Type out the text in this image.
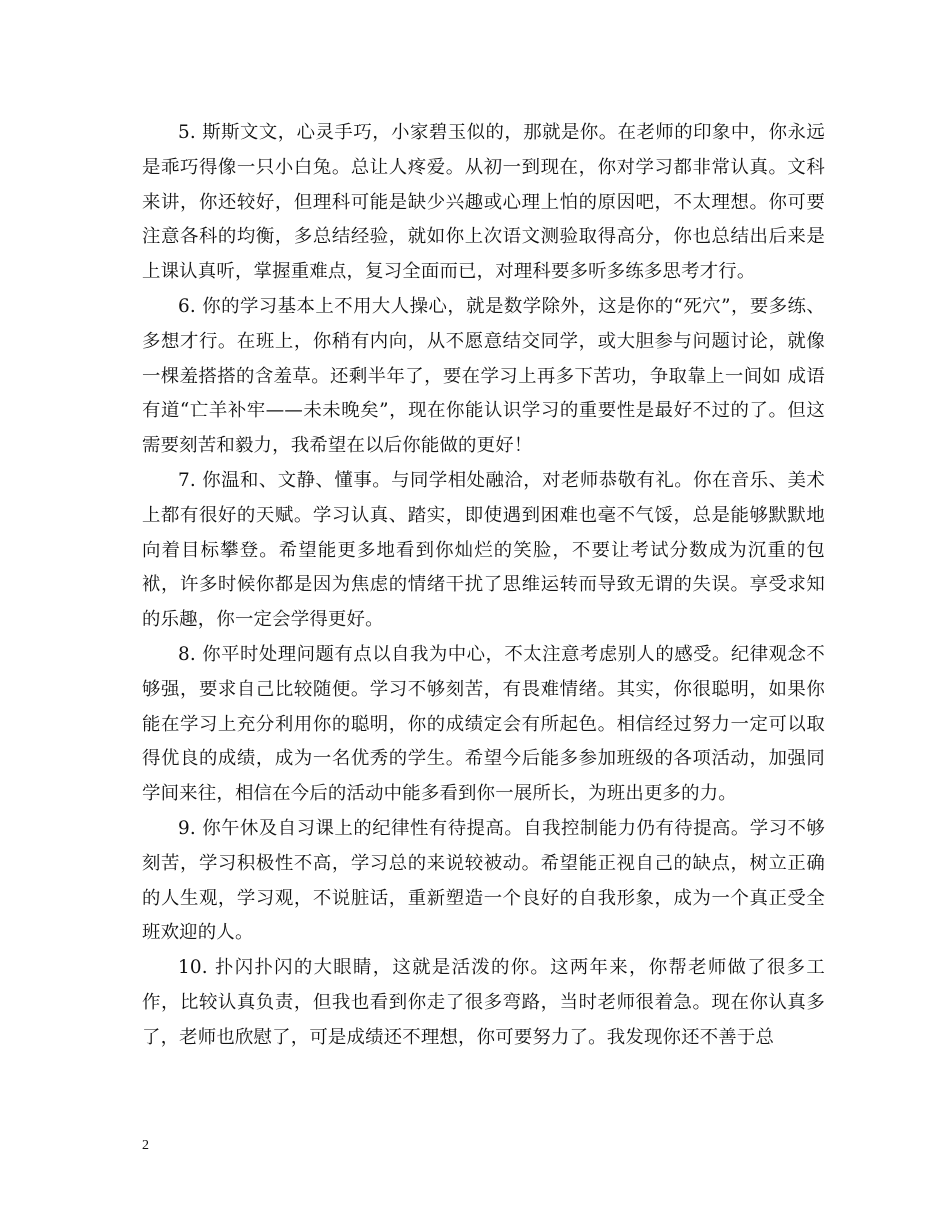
5. 斯斯文文，心灵手巧，小家碧玉似的，那就是你。在老师的印象中，你永远是乖巧得像一只小白兔。总让人疼爱。从初一到现在，你对学习都非常认真。文科来讲，你还较好，但理科可能是缺少兴趣或心理上怕的原因吧，不太理想。你可要注意各科的均衡，多总结经验，就如你上次语文测验取得高分，你也总结出后来是上课认真听，掌握重难点，复习全面而已，对理科要多听多练多思考才行。

6. 你的学习基本上不用大人操心，就是数学除外，这是你的“死穴”，要多练、多想才行。在班上，你稍有内向，从不愿意结交同学，或大胆参与问题讨论，就像一棵羞搭搭的含羞草。还剩半年了，要在学习上再多下苦功，争取靠上一间如 成语有道“亡羊补牢——未未晚矣”，现在你能认识学习的重要性是最好不过的了。但这需要刻苦和毅力，我希望在以后你能做的更好！

7. 你温和、文静、懂事。与同学相处融洽，对老师恭敬有礼。你在音乐、美术上都有很好的天赋。学习认真、踏实，即使遇到困难也毫不气馁，总是能够默默地向着目标攀登。希望能更多地看到你灿烂的笑脸，不要让考试分数成为沉重的包袱，许多时候你都是因为焦虑的情绪干扰了思维运转而导致无谓的失误。享受求知的乐趣，你一定会学得更好。

8. 你平时处理问题有点以自我为中心，不太注意考虑别人的感受。纪律观念不够强，要求自己比较随便。学习不够刻苦，有畏难情绪。其实，你很聪明，如果你能在学习上充分利用你的聪明，你的成绩定会有所起色。相信经过努力一定可以取得优良的成绩，成为一名优秀的学生。希望今后能多参加班级的各项活动，加强同学间来往，相信在今后的活动中能多看到你一展所长，为班出更多的力。

9. 你午休及自习课上的纪律性有待提高。自我控制能力仍有待提高。学习不够刻苦，学习积极性不高，学习总的来说较被动。希望能正视自己的缺点，树立正确的人生观，学习观，不说脏话，重新塑造一个良好的自我形象，成为一个真正受全班欢迎的人。

10. 扑闪扑闪的大眼睛，这就是活泼的你。这两年来，你帮老师做了很多工作，比较认真负责，但我也看到你走了很多弯路，当时老师很着急。现在你认真多了，老师也欣慰了，可是成绩还不理想，你可要努力了。我发现你还不善于总

2
